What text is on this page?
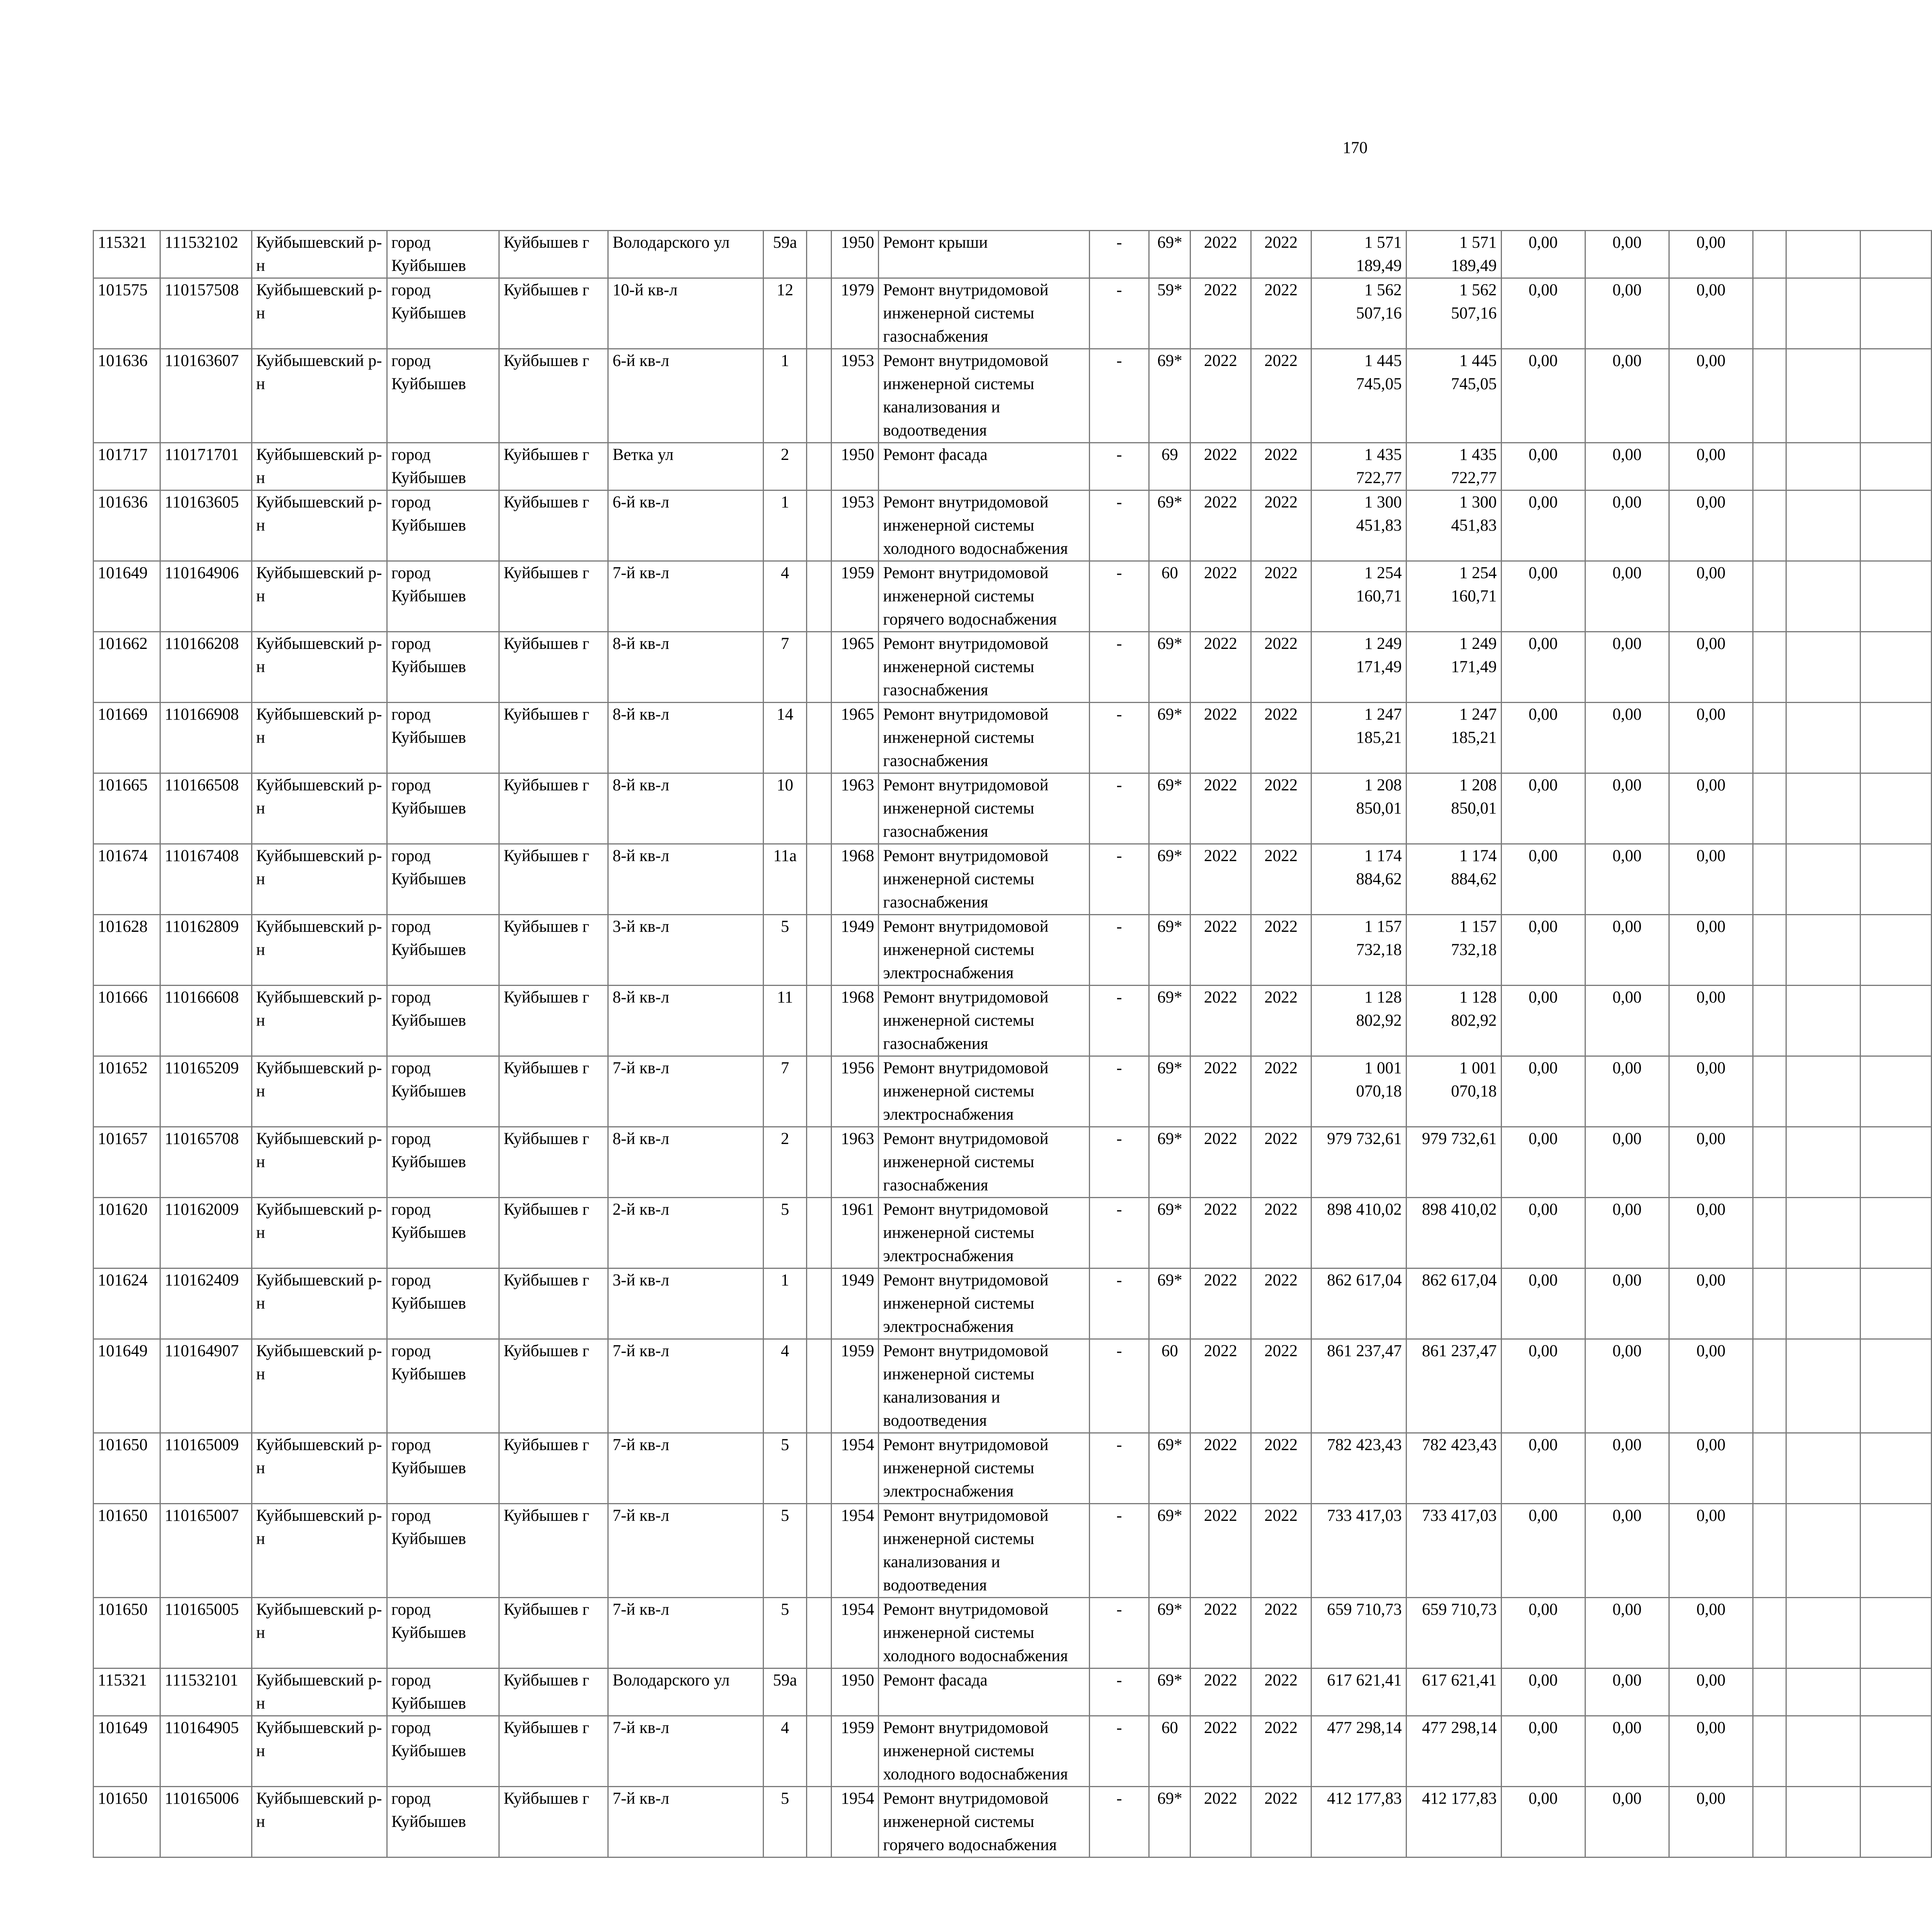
170
115321	111532102	Куйбышевский р-н	город Куйбышев	Куйбышев г	Володарского ул	59а		1950	Ремонт крыши	-	69*	2022	2022	1 571 189,49	1 571 189,49	0,00	0,00	0,00			
101575	110157508	Куйбышевский р-н	город Куйбышев	Куйбышев г	10-й кв-л	12		1979	Ремонт внутридомовой инженерной системы газоснабжения	-	59*	2022	2022	1 562 507,16	1 562 507,16	0,00	0,00	0,00			
101636	110163607	Куйбышевский р-н	город Куйбышев	Куйбышев г	6-й кв-л	1		1953	Ремонт внутридомовой инженерной системы канализования и водоотведения	-	69*	2022	2022	1 445 745,05	1 445 745,05	0,00	0,00	0,00			
101717	110171701	Куйбышевский р-н	город Куйбышев	Куйбышев г	Ветка ул	2		1950	Ремонт фасада	-	69	2022	2022	1 435 722,77	1 435 722,77	0,00	0,00	0,00			
101636	110163605	Куйбышевский р-н	город Куйбышев	Куйбышев г	6-й кв-л	1		1953	Ремонт внутридомовой инженерной системы холодного водоснабжения	-	69*	2022	2022	1 300 451,83	1 300 451,83	0,00	0,00	0,00			
101649	110164906	Куйбышевский р-н	город Куйбышев	Куйбышев г	7-й кв-л	4		1959	Ремонт внутридомовой инженерной системы горячего водоснабжения	-	60	2022	2022	1 254 160,71	1 254 160,71	0,00	0,00	0,00			
101662	110166208	Куйбышевский р-н	город Куйбышев	Куйбышев г	8-й кв-л	7		1965	Ремонт внутридомовой инженерной системы газоснабжения	-	69*	2022	2022	1 249 171,49	1 249 171,49	0,00	0,00	0,00			
101669	110166908	Куйбышевский р-н	город Куйбышев	Куйбышев г	8-й кв-л	14		1965	Ремонт внутридомовой инженерной системы газоснабжения	-	69*	2022	2022	1 247 185,21	1 247 185,21	0,00	0,00	0,00			
101665	110166508	Куйбышевский р-н	город Куйбышев	Куйбышев г	8-й кв-л	10		1963	Ремонт внутридомовой инженерной системы газоснабжения	-	69*	2022	2022	1 208 850,01	1 208 850,01	0,00	0,00	0,00			
101674	110167408	Куйбышевский р-н	город Куйбышев	Куйбышев г	8-й кв-л	11а		1968	Ремонт внутридомовой инженерной системы газоснабжения	-	69*	2022	2022	1 174 884,62	1 174 884,62	0,00	0,00	0,00			
101628	110162809	Куйбышевский р-н	город Куйбышев	Куйбышев г	3-й кв-л	5		1949	Ремонт внутридомовой инженерной системы электроснабжения	-	69*	2022	2022	1 157 732,18	1 157 732,18	0,00	0,00	0,00			
101666	110166608	Куйбышевский р-н	город Куйбышев	Куйбышев г	8-й кв-л	11		1968	Ремонт внутридомовой инженерной системы газоснабжения	-	69*	2022	2022	1 128 802,92	1 128 802,92	0,00	0,00	0,00			
101652	110165209	Куйбышевский р-н	город Куйбышев	Куйбышев г	7-й кв-л	7		1956	Ремонт внутридомовой инженерной системы электроснабжения	-	69*	2022	2022	1 001 070,18	1 001 070,18	0,00	0,00	0,00			
101657	110165708	Куйбышевский р-н	город Куйбышев	Куйбышев г	8-й кв-л	2		1963	Ремонт внутридомовой инженерной системы газоснабжения	-	69*	2022	2022	979 732,61	979 732,61	0,00	0,00	0,00			
101620	110162009	Куйбышевский р-н	город Куйбышев	Куйбышев г	2-й кв-л	5		1961	Ремонт внутридомовой инженерной системы электроснабжения	-	69*	2022	2022	898 410,02	898 410,02	0,00	0,00	0,00			
101624	110162409	Куйбышевский р-н	город Куйбышев	Куйбышев г	3-й кв-л	1		1949	Ремонт внутридомовой инженерной системы электроснабжения	-	69*	2022	2022	862 617,04	862 617,04	0,00	0,00	0,00			
101649	110164907	Куйбышевский р-н	город Куйбышев	Куйбышев г	7-й кв-л	4		1959	Ремонт внутридомовой инженерной системы канализования и водоотведения	-	60	2022	2022	861 237,47	861 237,47	0,00	0,00	0,00			
101650	110165009	Куйбышевский р-н	город Куйбышев	Куйбышев г	7-й кв-л	5		1954	Ремонт внутридомовой инженерной системы электроснабжения	-	69*	2022	2022	782 423,43	782 423,43	0,00	0,00	0,00			
101650	110165007	Куйбышевский р-н	город Куйбышев	Куйбышев г	7-й кв-л	5		1954	Ремонт внутридомовой инженерной системы канализования и водоотведения	-	69*	2022	2022	733 417,03	733 417,03	0,00	0,00	0,00			
101650	110165005	Куйбышевский р-н	город Куйбышев	Куйбышев г	7-й кв-л	5		1954	Ремонт внутридомовой инженерной системы холодного водоснабжения	-	69*	2022	2022	659 710,73	659 710,73	0,00	0,00	0,00			
115321	111532101	Куйбышевский р-н	город Куйбышев	Куйбышев г	Володарского ул	59а		1950	Ремонт фасада	-	69*	2022	2022	617 621,41	617 621,41	0,00	0,00	0,00			
101649	110164905	Куйбышевский р-н	город Куйбышев	Куйбышев г	7-й кв-л	4		1959	Ремонт внутридомовой инженерной системы холодного водоснабжения	-	60	2022	2022	477 298,14	477 298,14	0,00	0,00	0,00			
101650	110165006	Куйбышевский р-н	город Куйбышев	Куйбышев г	7-й кв-л	5		1954	Ремонт внутридомовой инженерной системы горячего водоснабжения	-	69*	2022	2022	412 177,83	412 177,83	0,00	0,00	0,00			
